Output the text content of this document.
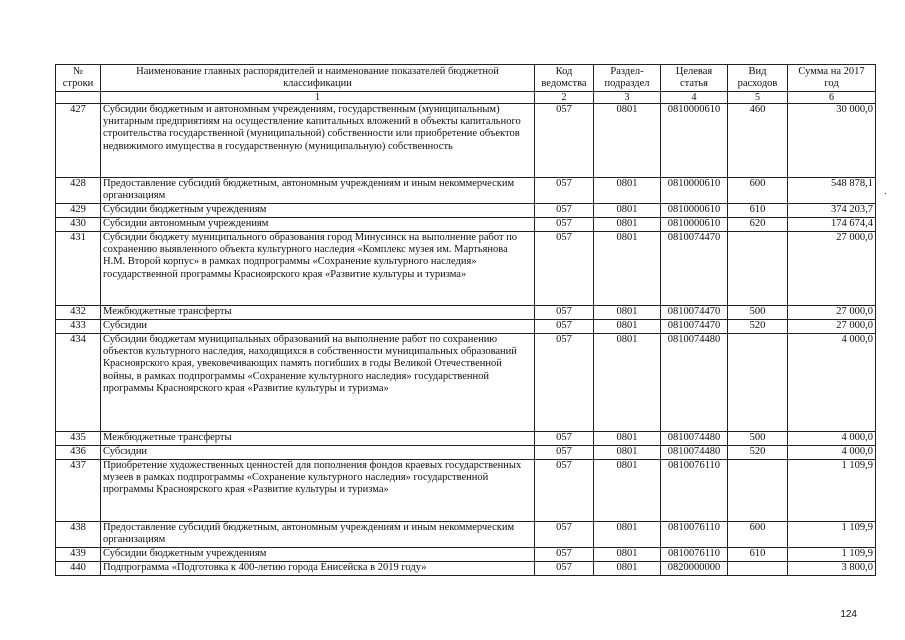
№ строки	Наименование главных распорядителей и наименование показателей бюджетной классификации	Код ведомства	Раздел-подраздел	Целевая статья	Вид расходов	Сумма на 2017 год
	1	2	3	4	5	6
427	Субсидии бюджетным и автономным учреждениям, государственным (муниципальным) унитарным предприятиям на осуществление капитальных вложений в объекты капитального строительства государственной (муниципальной) собственности или приобретение объектов недвижимого имущества в государственную (муниципальную) собственность	057	0801	0810000610	460	30 000,0
428	Предоставление субсидий бюджетным, автономным учреждениям и иным некоммерческим организациям	057	0801	0810000610	600	548 878,1
429	Субсидии бюджетным учреждениям	057	0801	0810000610	610	374 203,7
430	Субсидии автономным учреждениям	057	0801	0810000610	620	174 674,4
431	Субсидии бюджету муниципального образования город Минусинск на выполнение работ по сохранению выявленного объекта культурного наследия «Комплекс музея им. Мартьянова Н.М. Второй корпус» в рамках подпрограммы «Сохранение культурного наследия» государственной программы Красноярского края «Развитие культуры и туризма»	057	0801	0810074470		27 000,0
432	Межбюджетные трансферты	057	0801	0810074470	500	27 000,0
433	Субсидии	057	0801	0810074470	520	27 000,0
434	Субсидии бюджетам муниципальных образований на выполнение работ по сохранению объектов культурного наследия, находящихся в собственности муниципальных образований Красноярского края, увековечивающих память погибших в годы Великой Отечественной войны, в рамках подпрограммы «Сохранение культурного наследия» государственной программы Красноярского края «Развитие культуры и туризма»	057	0801	0810074480		4 000,0
435	Межбюджетные трансферты	057	0801	0810074480	500	4 000,0
436	Субсидии	057	0801	0810074480	520	4 000,0
437	Приобретение художественных ценностей для пополнения фондов краевых государственных музеев в рамках подпрограммы «Сохранение культурного наследия» государственной программы Красноярского края «Развитие культуры и туризма»	057	0801	0810076110		1 109,9
438	Предоставление субсидий бюджетным, автономным учреждениям и иным некоммерческим организациям	057	0801	0810076110	600	1 109,9
439	Субсидии бюджетным учреждениям	057	0801	0810076110	610	1 109,9
440	Подпрограмма «Подготовка к 400-летию города Енисейска в 2019 году»	057	0801	0820000000		3 800,0
.
124
